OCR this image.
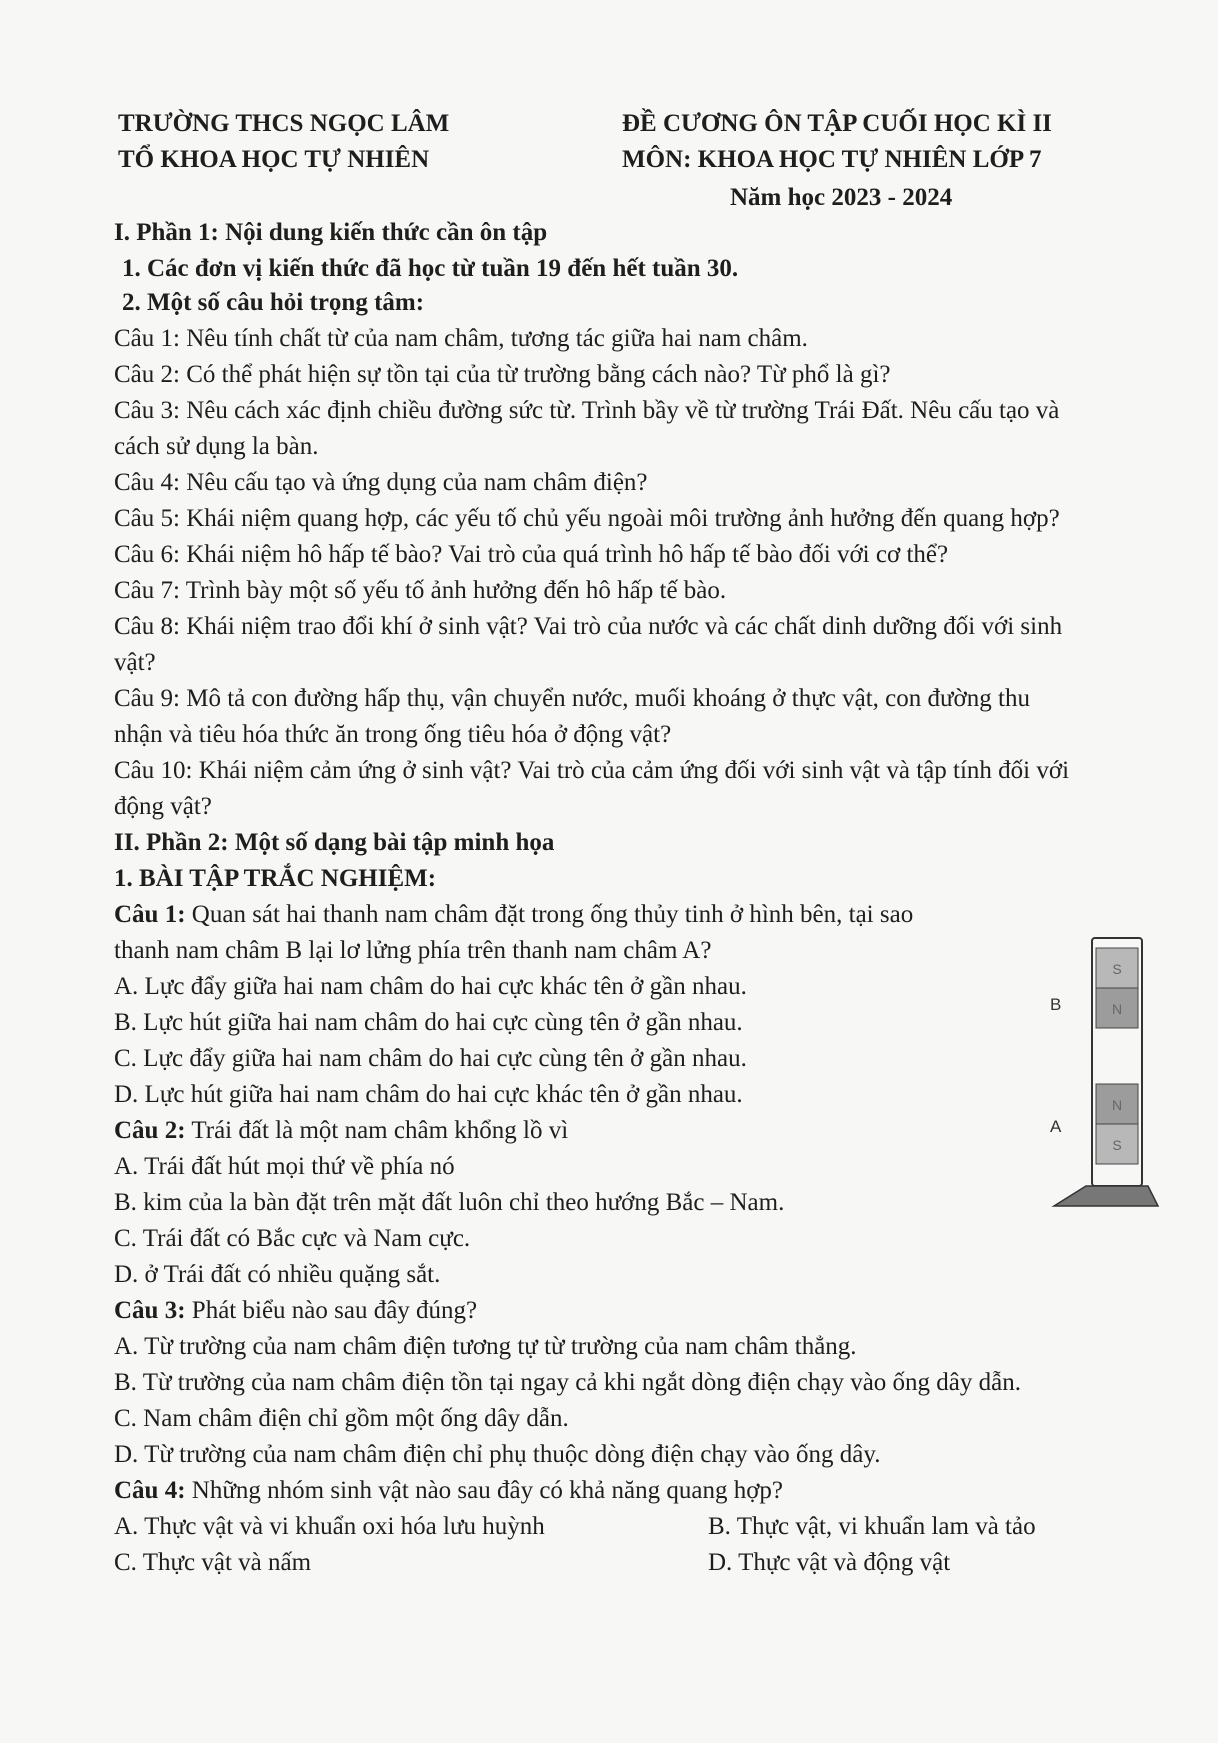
TRƯỜNG THCS NGỌC LÂM
TỔ KHOA HỌC TỰ NHIÊN
ĐỀ CƯƠNG ÔN TẬP CUỐI HỌC KÌ II
MÔN: KHOA HỌC TỰ NHIÊN LỚP 7
Năm học 2023 - 2024
I. Phần 1: Nội dung kiến thức cần ôn tập
1. Các đơn vị kiến thức đã học từ tuần 19 đến hết tuần 30.
2. Một số câu hỏi trọng tâm:
Câu 1: Nêu tính chất từ của nam châm, tương tác giữa hai nam châm.
Câu 2: Có thể phát hiện sự tồn tại của từ trường bằng cách nào? Từ phổ là gì?
Câu 3: Nêu cách xác định chiều đường sức từ. Trình bầy về từ trường Trái Đất. Nêu cấu tạo và
cách sử dụng la bàn.
Câu 4: Nêu cấu tạo và ứng dụng của nam châm điện?
Câu 5: Khái niệm quang hợp, các yếu tố chủ yếu ngoài môi trường ảnh hưởng đến quang hợp?
Câu 6: Khái niệm hô hấp tế bào? Vai trò của quá trình hô hấp tế bào đối với cơ thể?
Câu 7: Trình bày một số yếu tố ảnh hưởng đến hô hấp tế bào.
Câu 8: Khái niệm trao đổi khí ở sinh vật? Vai trò của nước và các chất dinh dưỡng đối với sinh
vật?
Câu 9: Mô tả con đường hấp thụ, vận chuyển nước, muối khoáng ở thực vật, con đường thu
nhận và tiêu hóa thức ăn trong ống tiêu hóa ở động vật?
Câu 10: Khái niệm cảm ứng ở sinh vật? Vai trò của cảm ứng đối với sinh vật và tập tính đối với
động vật?
II. Phần 2: Một số dạng bài tập minh họa
1. BÀI TẬP TRẮC NGHIỆM:
Câu 1: Quan sát hai thanh nam châm đặt trong ống thủy tinh ở hình bên, tại sao
thanh nam châm B lại lơ lửng phía trên thanh nam châm A?
A. Lực đẩy giữa hai nam châm do hai cực khác tên ở gần nhau.
B. Lực hút giữa hai nam châm do hai cực cùng tên ở gần nhau.
C. Lực đẩy giữa hai nam châm do hai cực cùng tên ở gần nhau.
D. Lực hút giữa hai nam châm do hai cực khác tên ở gần nhau.
Câu 2: Trái đất là một nam châm khổng lồ vì
A. Trái đất hút mọi thứ về phía nó
B. kim của la bàn đặt trên mặt đất luôn chỉ theo hướng Bắc – Nam.
C. Trái đất có Bắc cực và Nam cực.
D. ở Trái đất có nhiều quặng sắt.
Câu 3: Phát biểu nào sau đây đúng?
A. Từ trường của nam châm điện tương tự từ trường của nam châm thẳng.
B. Từ trường của nam châm điện tồn tại ngay cả khi ngắt dòng điện chạy vào ống dây dẫn.
C. Nam châm điện chỉ gồm một ống dây dẫn.
D. Từ trường của nam châm điện chỉ phụ thuộc dòng điện chạy vào ống dây.
Câu 4: Những nhóm sinh vật nào sau đây có khả năng quang hợp?
A. Thực vật và vi khuẩn oxi hóa lưu huỳnh	B. Thực vật, vi khuẩn lam và tảo
C. Thực vật và nấm	D. Thực vật và động vật
S
N
N
S
B
A
